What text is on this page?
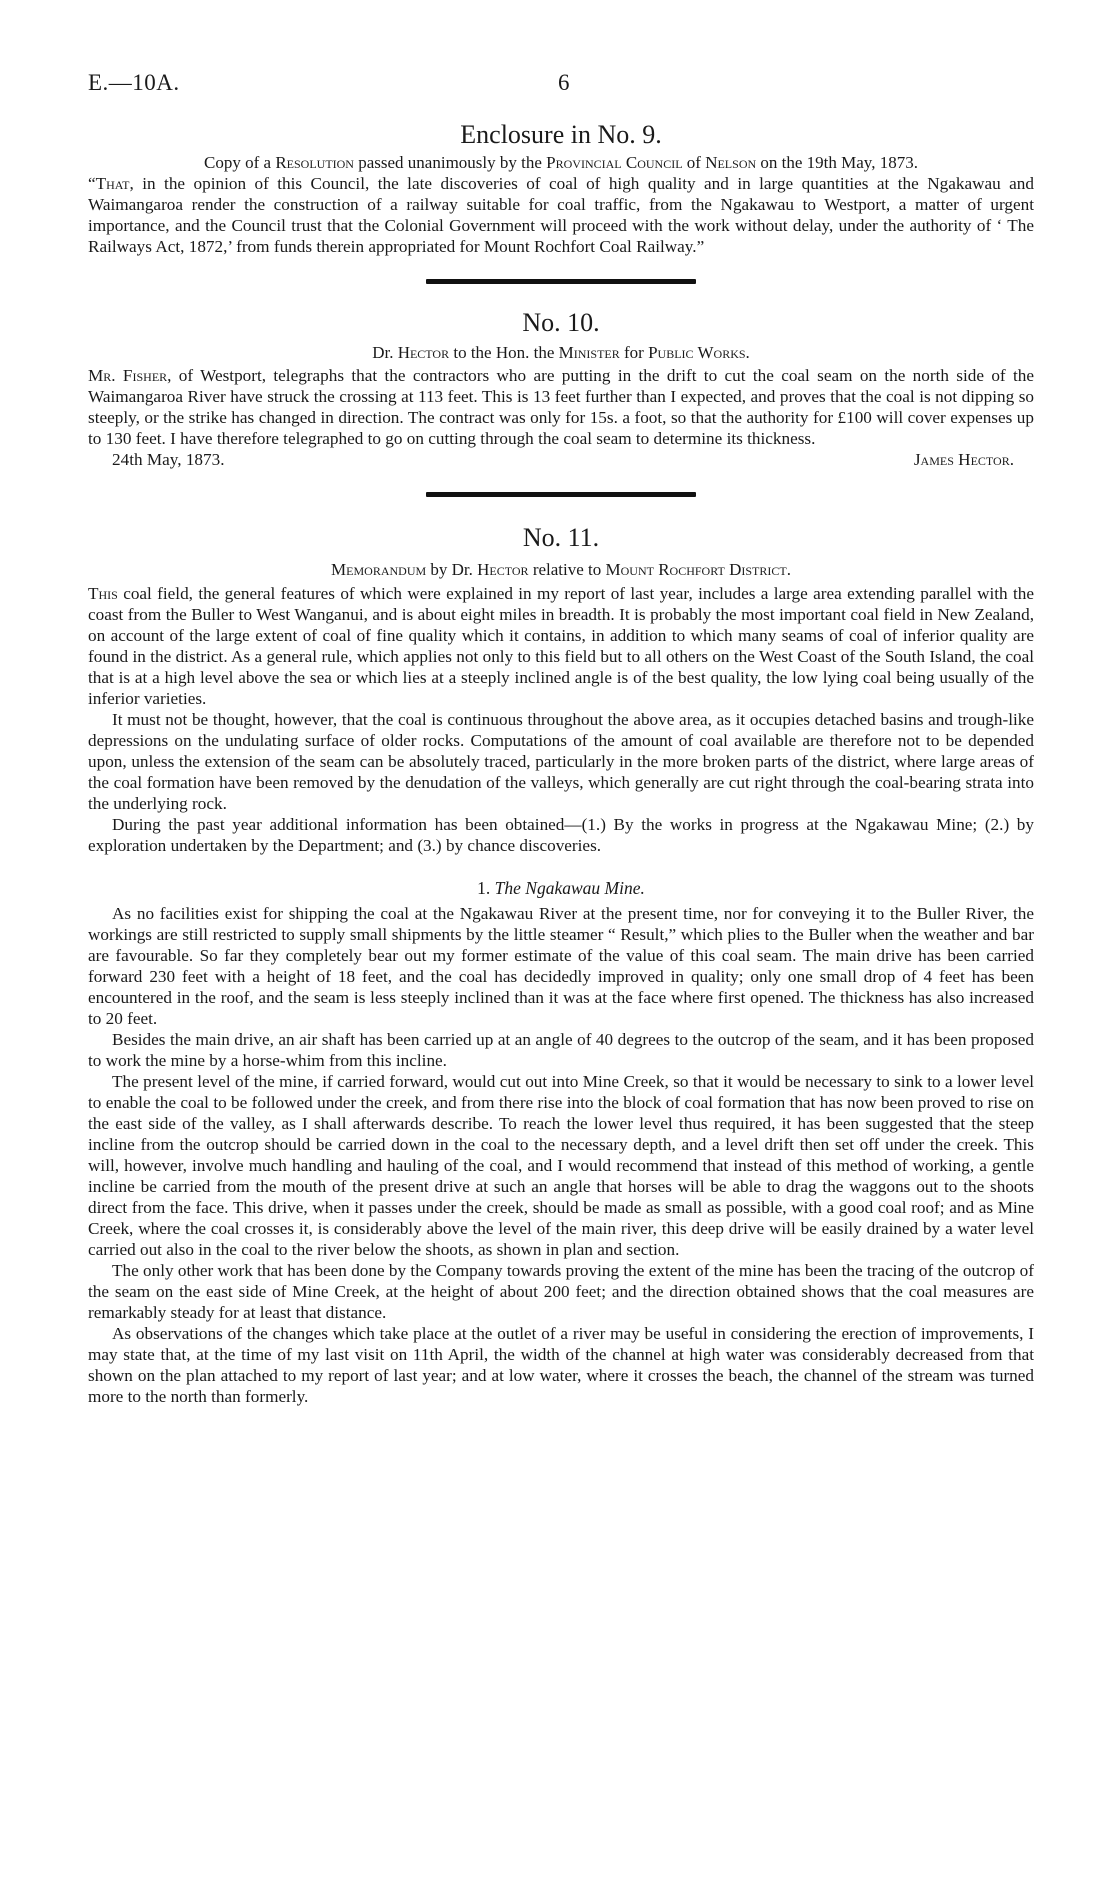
E.—10A.	6
Enclosure in No. 9.
Copy of a Resolution passed unanimously by the Provincial Council of Nelson on the 19th May, 1873.

“That, in the opinion of this Council, the late discoveries of coal of high quality and in large quantities at the Ngakawau and Waimangaroa render the construction of a railway suitable for coal traffic, from the Ngakawau to Westport, a matter of urgent importance, and the Council trust that the Colonial Government will proceed with the work without delay, under the authority of ‘ The Railways Act, 1872,’ from funds therein appropriated for Mount Rochfort Coal Railway.”

No. 10.
Dr. Hector to the Hon. the Minister for Public Works.

Mr. Fisher, of Westport, telegraphs that the contractors who are putting in the drift to cut the coal seam on the north side of the Waimangaroa River have struck the crossing at 113 feet. This is 13 feet further than I expected, and proves that the coal is not dipping so steeply, or the strike has changed in direction. The contract was only for 15s. a foot, so that the authority for £100 will cover expenses up to 130 feet. I have therefore telegraphed to go on cutting through the coal seam to determine its thickness.

24th May, 1873.	James Hector.
No. 11.
Memorandum by Dr. Hector relative to Mount Rochfort District.

This coal field, the general features of which were explained in my report of last year, includes a large area extending parallel with the coast from the Buller to West Wanganui, and is about eight miles in breadth. It is probably the most important coal field in New Zealand, on account of the large extent of coal of fine quality which it contains, in addition to which many seams of coal of inferior quality are found in the district. As a general rule, which applies not only to this field but to all others on the West Coast of the South Island, the coal that is at a high level above the sea or which lies at a steeply inclined angle is of the best quality, the low lying coal being usually of the inferior varieties.

It must not be thought, however, that the coal is continuous throughout the above area, as it occupies detached basins and trough-like depressions on the undulating surface of older rocks. Computations of the amount of coal available are therefore not to be depended upon, unless the extension of the seam can be absolutely traced, particularly in the more broken parts of the district, where large areas of the coal formation have been removed by the denudation of the valleys, which generally are cut right through the coal-bearing strata into the underlying rock.

During the past year additional information has been obtained—(1.) By the works in progress at the Ngakawau Mine; (2.) by exploration undertaken by the Department; and (3.) by chance discoveries.

1. The Ngakawau Mine.

As no facilities exist for shipping the coal at the Ngakawau River at the present time, nor for conveying it to the Buller River, the workings are still restricted to supply small shipments by the little steamer “ Result,” which plies to the Buller when the weather and bar are favourable. So far they completely bear out my former estimate of the value of this coal seam. The main drive has been carried forward 230 feet with a height of 18 feet, and the coal has decidedly improved in quality; only one small drop of 4 feet has been encountered in the roof, and the seam is less steeply inclined than it was at the face where first opened. The thickness has also increased to 20 feet.

Besides the main drive, an air shaft has been carried up at an angle of 40 degrees to the outcrop of the seam, and it has been proposed to work the mine by a horse-whim from this incline.

The present level of the mine, if carried forward, would cut out into Mine Creek, so that it would be necessary to sink to a lower level to enable the coal to be followed under the creek, and from there rise into the block of coal formation that has now been proved to rise on the east side of the valley, as I shall afterwards describe. To reach the lower level thus required, it has been suggested that the steep incline from the outcrop should be carried down in the coal to the necessary depth, and a level drift then set off under the creek. This will, however, involve much handling and hauling of the coal, and I would recommend that instead of this method of working, a gentle incline be carried from the mouth of the present drive at such an angle that horses will be able to drag the waggons out to the shoots direct from the face. This drive, when it passes under the creek, should be made as small as possible, with a good coal roof; and as Mine Creek, where the coal crosses it, is considerably above the level of the main river, this deep drive will be easily drained by a water level carried out also in the coal to the river below the shoots, as shown in plan and section.

The only other work that has been done by the Company towards proving the extent of the mine has been the tracing of the outcrop of the seam on the east side of Mine Creek, at the height of about 200 feet; and the direction obtained shows that the coal measures are remarkably steady for at least that distance.

As observations of the changes which take place at the outlet of a river may be useful in considering the erection of improvements, I may state that, at the time of my last visit on 11th April, the width of the channel at high water was considerably decreased from that shown on the plan attached to my report of last year; and at low water, where it crosses the beach, the channel of the stream was turned more to the north than formerly.
